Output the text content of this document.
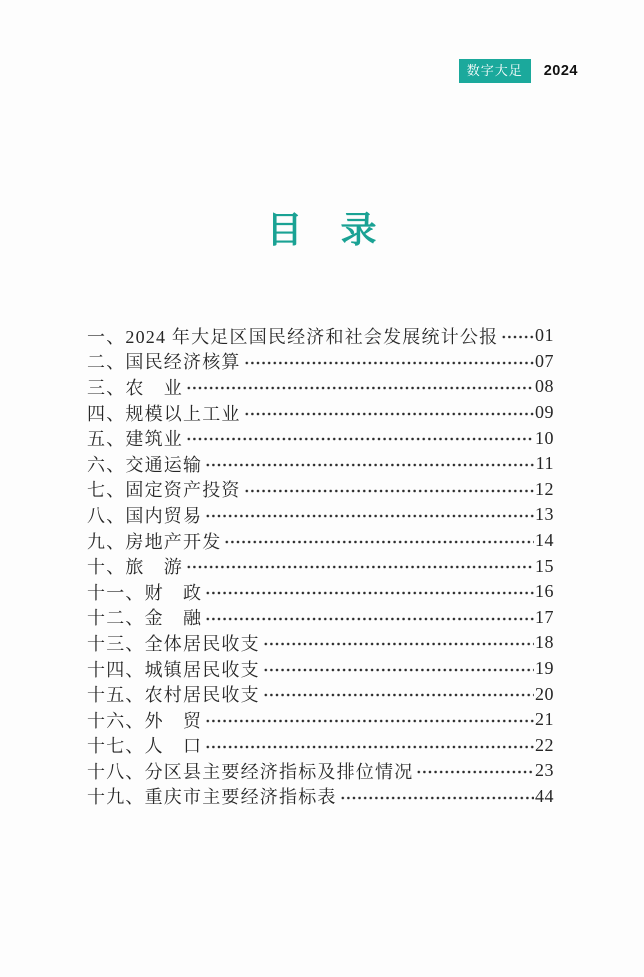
数字大足	2024
目　录
一、2024 年大足区国民经济和社会发展统计公报 01
二、国民经济核算	07
三、农　业	08
四、规模以上工业	09
五、建筑业	10
六、交通运输	11
七、固定资产投资	12
八、国内贸易	13
九、房地产开发	14
十、旅　游	15
十一、财　政	16
十二、金　融	17
十三、全体居民收支	18
十四、城镇居民收支	19
十五、农村居民收支	20
十六、外　贸	21
十七、人　口	22
十八、分区县主要经济指标及排位情况	23
十九、重庆市主要经济指标表	44
